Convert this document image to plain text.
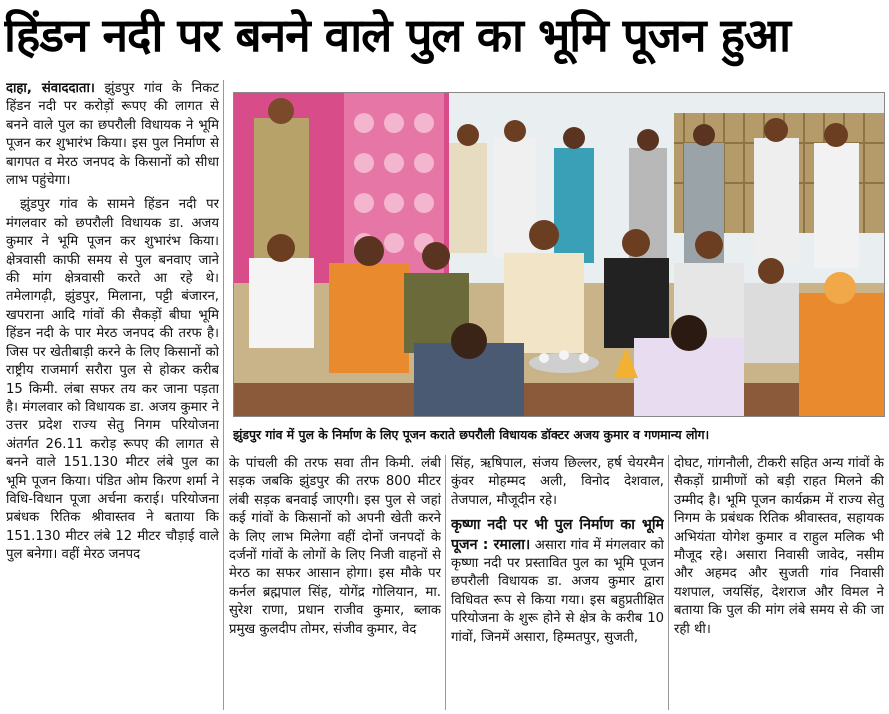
हिंडन नदी पर बनने वाले पुल का भूमि पूजन हुआ

दाहा, संवाददाता। झुंडपुर गांव के निकट हिंडन नदी पर करोड़ों रूपए की लागत से बनने वाले पुल का छपरौली विधायक ने भूमि पूजन कर शुभारंभ किया। इस पुल निर्माण से बागपत व मेरठ जनपद के किसानों को सीधा लाभ पहुंचेगा।

झुंडपुर गांव के सामने हिंडन नदी पर मंगलवार को छपरौली विधायक डा. अजय कुमार ने भूमि पूजन कर शुभारंभ किया। क्षेत्रवासी काफी समय से पुल बनवाए जाने की मांग क्षेत्रवासी करते आ रहे थे। तमेलागढ़ी, झुंडपुर, मिलाना, पट्टी बंजारन, खपराना आदि गांवों की सैकड़ों बीघा भूमि हिंडन नदी के पार मेरठ जनपद की तरफ है। जिस पर खेतीबाड़ी करने के लिए किसानों को राष्ट्रीय राजमार्ग सरौरा पुल से होकर करीब 15 किमी. लंबा सफर तय कर जाना पड़ता है। मंगलवार को विधायक डा. अजय कुमार ने उत्तर प्रदेश राज्य सेतु निगम परियोजना अंतर्गत 26.11 करोड़ रूपए की लागत से बनने वाले 151.130 मीटर लंबे पुल का भूमि पूजन किया। पंडित ओम किरण शर्मा ने विधि-विधान पूजा अर्चना कराई। परियोजना प्रबंधक रितिक श्रीवास्तव ने बताया कि 151.130 मीटर लंबे 12 मीटर चौड़ाई वाले पुल बनेगा। वहीं मेरठ जनपद

झुंडपुर गांव में पुल के निर्माण के लिए पूजन कराते छपरौली विधायक डॉक्टर अजय कुमार व गणमान्य लोग।

के पांचली की तरफ सवा तीन किमी. लंबी सड़क जबकि झुंडपुर की तरफ 800 मीटर लंबी सड़क बनवाई जाएगी। इस पुल से जहां कई गांवों के किसानों को अपनी खेती करने के लिए लाभ मिलेगा वहीं दोनों जनपदों के दर्जनों गांवों के लोगों के लिए निजी वाहनों से मेरठ का सफर आसान होगा। इस मौके पर कर्नल ब्रह्मपाल सिंह, योगेंद्र गोलियान, मा. सुरेश राणा, प्रधान राजीव कुमार, ब्लाक प्रमुख कुलदीप तोमर, संजीव कुमार, वेद

सिंह, ऋषिपाल, संजय छिल्लर, हर्ष चेयरमैन कुंवर मोहम्मद अली, विनोद देशवाल, तेजपाल, मौजूदीन रहे।

कृष्णा नदी पर भी पुल निर्माण का भूमि पूजन : रमाला। असारा गांव में मंगलवार को कृष्णा नदी पर प्रस्तावित पुल का भूमि पूजन छपरौली विधायक डा. अजय कुमार द्वारा विधिवत रूप से किया गया। इस बहुप्रतीक्षित परियोजना के शुरू होने से क्षेत्र के करीब 10 गांवों, जिनमें असारा, हिम्मतपुर, सुजती,

दोघट, गांगनौली, टीकरी सहित अन्य गांवों के सैकड़ों ग्रामीणों को बड़ी राहत मिलने की उम्मीद है। भूमि पूजन कार्यक्रम में राज्य सेतु निगम के प्रबंधक रितिक श्रीवास्तव, सहायक अभियंता योगेश कुमार व राहुल मलिक भी मौजूद रहे। असारा निवासी जावेद, नसीम और अहमद और सुजती गांव निवासी यशपाल, जयसिंह, देशराज और विमल ने बताया कि पुल की मांग लंबे समय से की जा रही थी।
